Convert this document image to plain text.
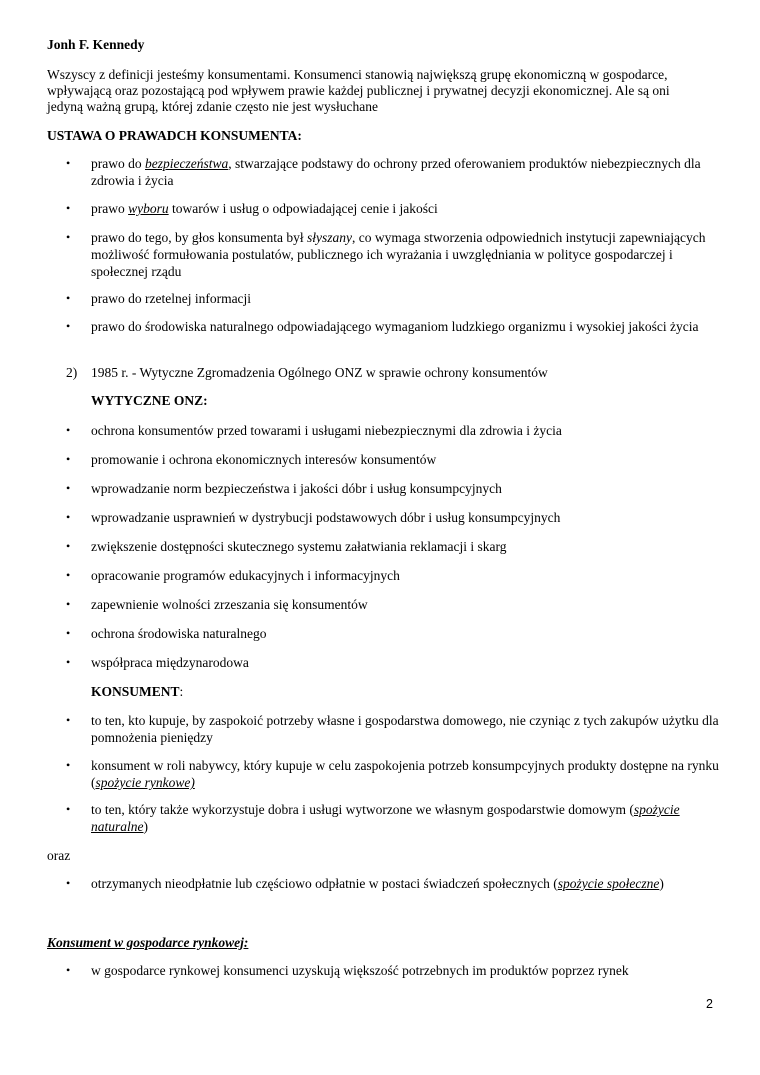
Jonh F. Kennedy
Wszyscy z definicji jesteśmy konsumentami. Konsumenci stanowią największą grupę ekonomiczną w gospodarce,
wpływającą oraz pozostającą pod wpływem prawie każdej publicznej i prywatnej decyzji ekonomicznej. Ale są oni
jedyną ważną grupą, której zdanie często nie jest wysłuchane
USTAWA O PRAWADCH KONSUMENTA:
• prawo do bezpieczeństwa, stwarzające podstawy do ochrony przed oferowaniem produktów niebezpiecznych dla zdrowia i życia
• prawo wyboru towarów i usług o odpowiadającej cenie i jakości
• prawo do tego, by głos konsumenta był słyszany, co wymaga stworzenia odpowiednich instytucji zapewniających możliwość formułowania postulatów, publicznego ich wyrażania i uwzględniania w polityce gospodarczej i społecznej rządu
• prawo do rzetelnej informacji
• prawo do środowiska naturalnego odpowiadającego wymaganiom ludzkiego organizmu i wysokiej jakości życia
2) 1985 r. - Wytyczne Zgromadzenia Ogólnego ONZ w sprawie ochrony konsumentów
WYTYCZNE ONZ:
• ochrona konsumentów przed towarami i usługami niebezpiecznymi dla zdrowia i życia
• promowanie i ochrona ekonomicznych interesów konsumentów
• wprowadzanie norm bezpieczeństwa i jakości dóbr i usług konsumpcyjnych
• wprowadzanie usprawnień w dystrybucji podstawowych dóbr i usług konsumpcyjnych
• zwiększenie dostępności skutecznego systemu załatwiania reklamacji i skarg
• opracowanie programów edukacyjnych i informacyjnych
• zapewnienie wolności zrzeszania się konsumentów
• ochrona środowiska naturalnego
• współpraca międzynarodowa
KONSUMENT:
• to ten, kto kupuje, by zaspokoić potrzeby własne i gospodarstwa domowego, nie czyniąc z tych zakupów użytku dla pomnożenia pieniędzy
• konsument w roli nabywcy, który kupuje w celu zaspokojenia potrzeb konsumpcyjnych produkty dostępne na rynku (spożycie rynkowe)
• to ten, który także wykorzystuje dobra i usługi wytworzone we własnym gospodarstwie domowym (spożycie naturalne)
oraz
• otrzymanych nieodpłatnie lub częściowo odpłatnie w postaci świadczeń społecznych (spożycie społeczne)
Konsument w gospodarce rynkowej:
• w gospodarce rynkowej konsumenci uzyskują większość potrzebnych im produktów poprzez rynek
2
